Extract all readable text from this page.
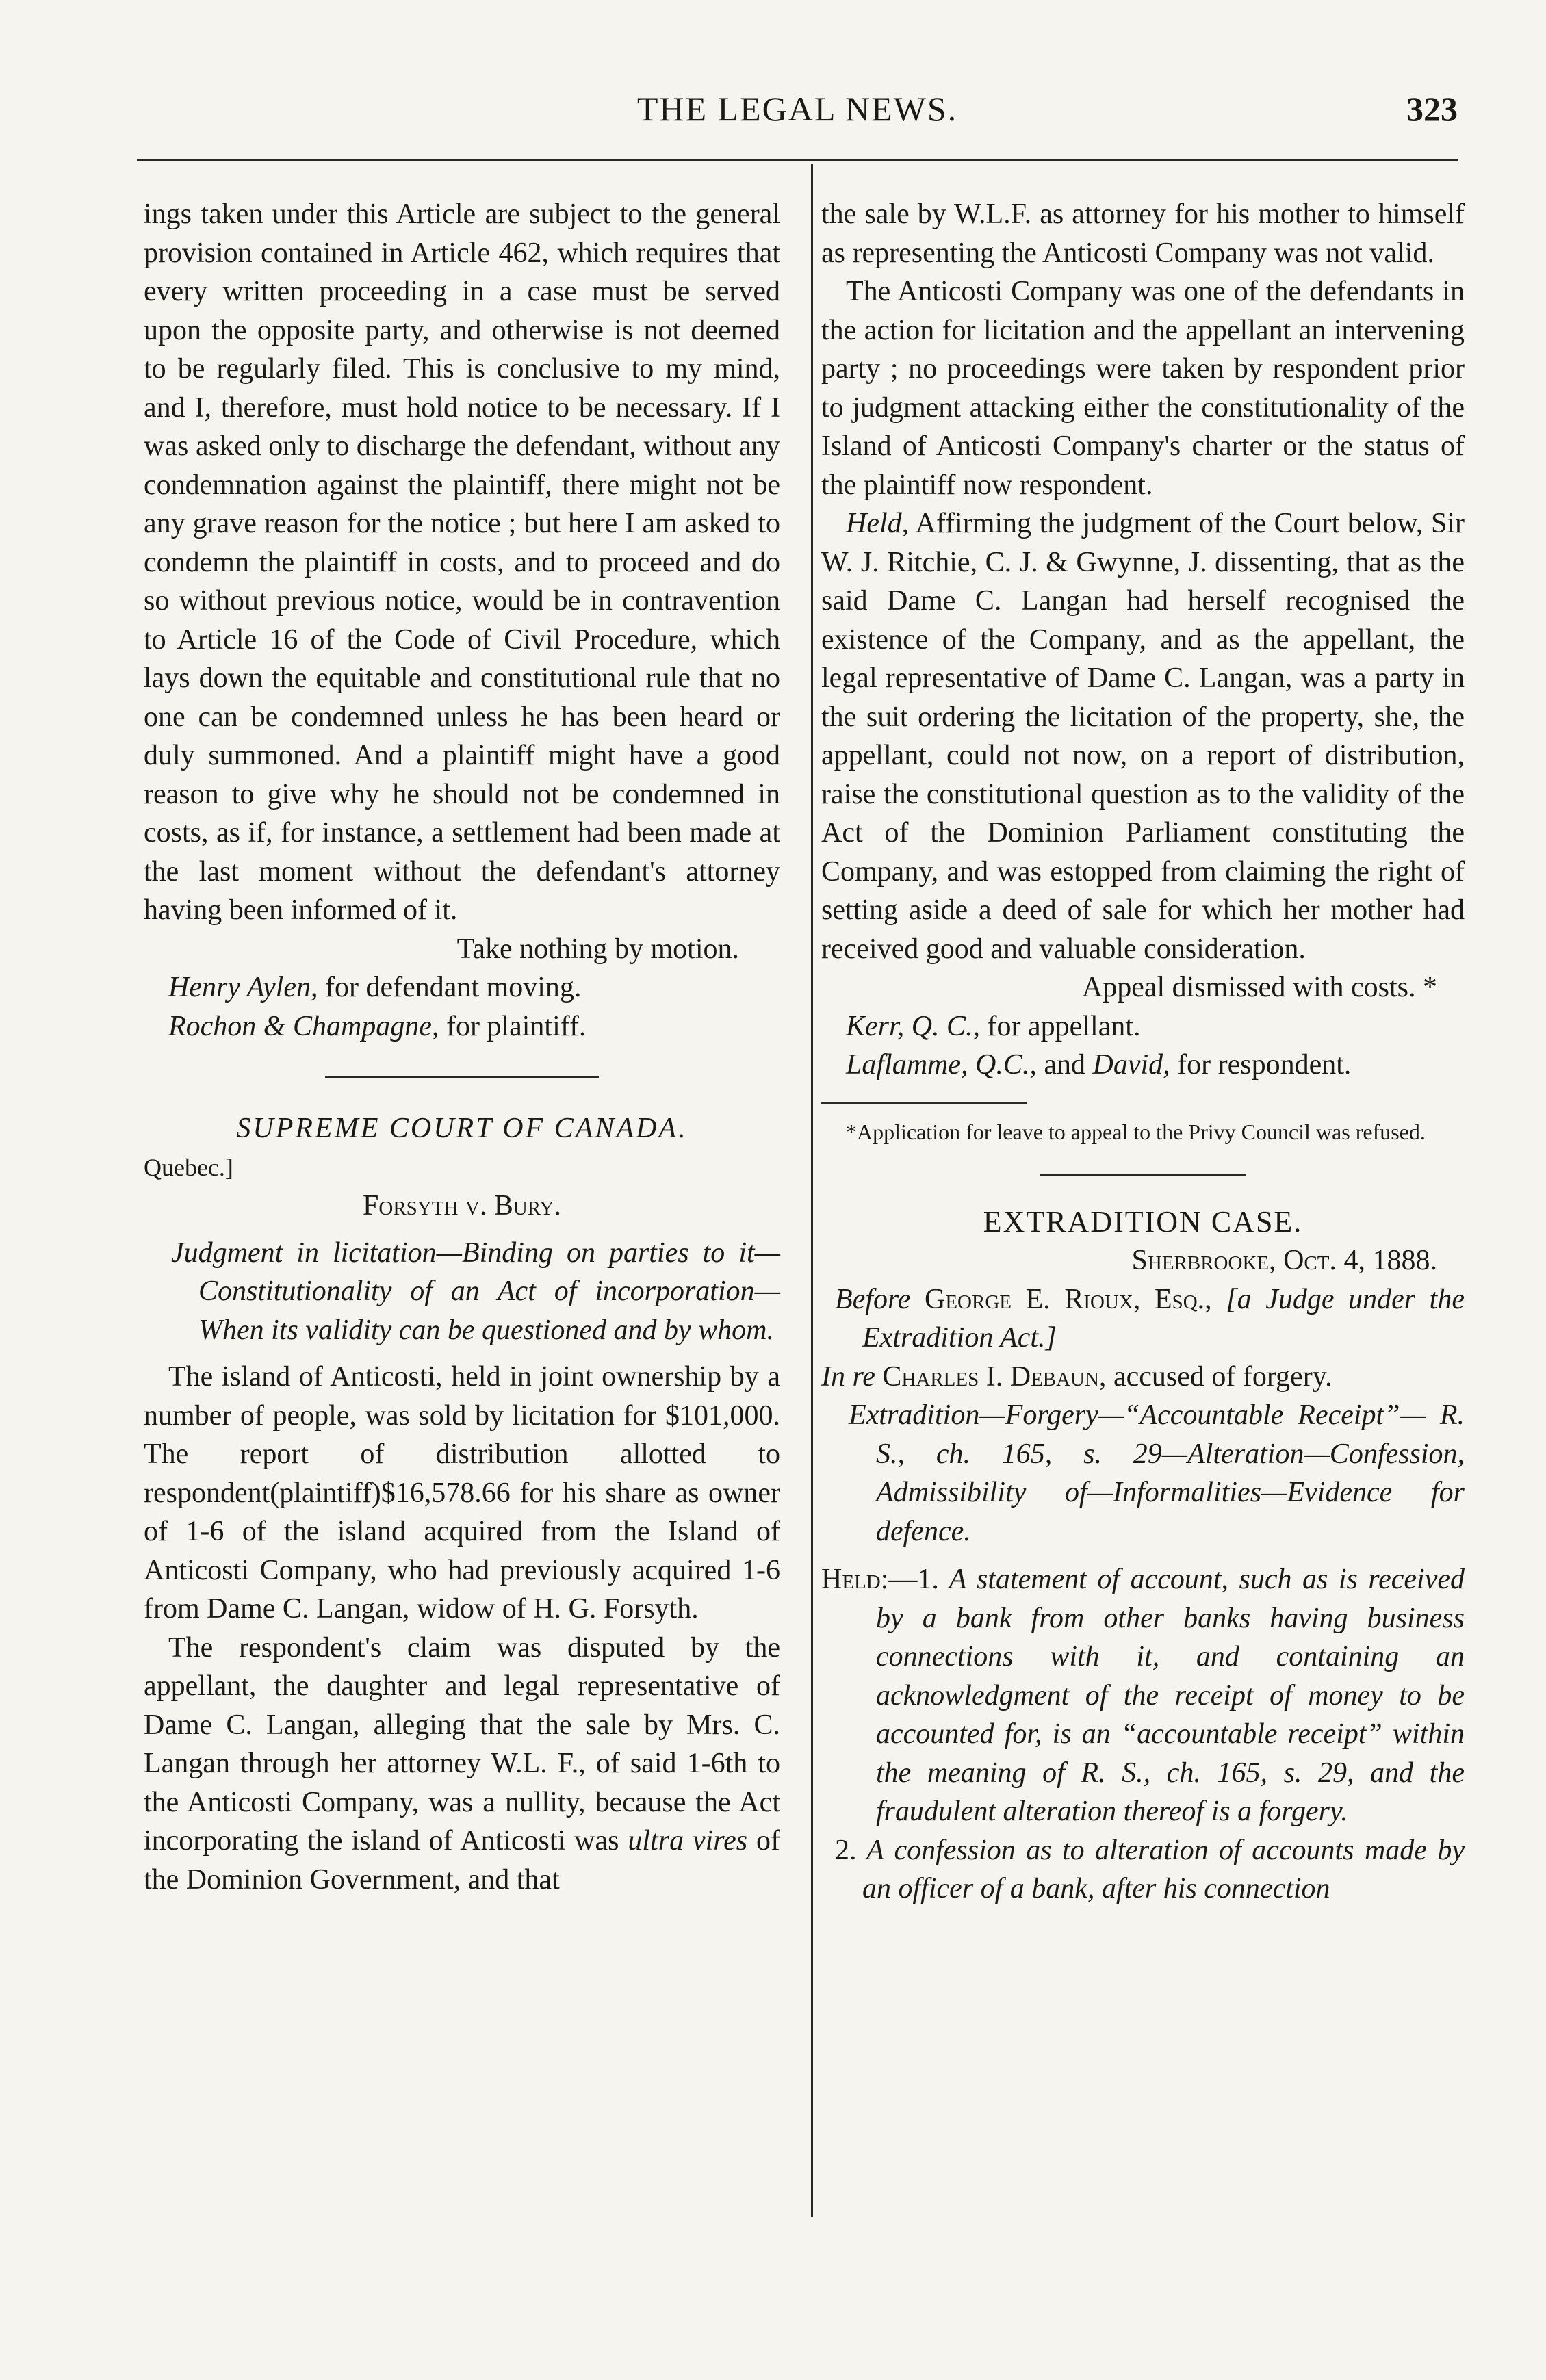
THE LEGAL NEWS.	323

ings taken under this Article are subject to the general provision contained in Article 462, which requires that every written proceeding in a case must be served upon the opposite party, and otherwise is not deemed to be regularly filed. This is conclusive to my mind, and I, therefore, must hold notice to be necessary. If I was asked only to discharge the defendant, without any condemnation against the plaintiff, there might not be any grave reason for the notice ; but here I am asked to condemn the plaintiff in costs, and to proceed and do so without previous notice, would be in contravention to Article 16 of the Code of Civil Procedure, which lays down the equitable and constitutional rule that no one can be condemned unless he has been heard or duly summoned. And a plaintiff might have a good reason to give why he should not be condemned in costs, as if, for instance, a settlement had been made at the last moment without the defendant's attorney having been informed of it.

Take nothing by motion.

Henry Aylen, for defendant moving.

Rochon & Champagne, for plaintiff.

SUPREME COURT OF CANADA.

Quebec.]

Forsyth v. Bury.

Judgment in licitation—Binding on parties to it—Constitutionality of an Act of incorporation— When its validity can be questioned and by whom.

The island of Anticosti, held in joint ownership by a number of people, was sold by licitation for $101,000. The report of distribution allotted to respondent(plaintiff)$16,578.66 for his share as owner of 1-6 of the island acquired from the Island of Anticosti Company, who had previously acquired 1-6 from Dame C. Langan, widow of H. G. Forsyth.

The respondent's claim was disputed by the appellant, the daughter and legal representative of Dame C. Langan, alleging that the sale by Mrs. C. Langan through her attorney W.L. F., of said 1-6th to the Anticosti Company, was a nullity, because the Act incorporating the island of Anticosti was ultra vires of the Dominion Government, and that

the sale by W.L.F. as attorney for his mother to himself as representing the Anticosti Company was not valid.

The Anticosti Company was one of the defendants in the action for licitation and the appellant an intervening party ; no proceedings were taken by respondent prior to judgment attacking either the constitutionality of the Island of Anticosti Company's charter or the status of the plaintiff now respondent.

Held, Affirming the judgment of the Court below, Sir W. J. Ritchie, C. J. & Gwynne, J. dissenting, that as the said Dame C. Langan had herself recognised the existence of the Company, and as the appellant, the legal representative of Dame C. Langan, was a party in the suit ordering the licitation of the property, she, the appellant, could not now, on a report of distribution, raise the constitutional question as to the validity of the Act of the Dominion Parliament constituting the Company, and was estopped from claiming the right of setting aside a deed of sale for which her mother had received good and valuable consideration.

Appeal dismissed with costs. *

Kerr, Q. C., for appellant.

Laflamme, Q.C., and David, for respondent.

*Application for leave to appeal to the Privy Council was refused.

EXTRADITION CASE.

Sherbrooke, Oct. 4, 1888.

Before George E. Rioux, Esq., [a Judge under the Extradition Act.]

In re Charles I. Debaun, accused of forgery.

Extradition—Forgery—“Accountable Receipt”— R. S., ch. 165, s. 29—Alteration—Confession, Admissibility of—Informalities—Evidence for defence.

Held:—1. A statement of account, such as is received by a bank from other banks having business connections with it, and containing an acknowledgment of the receipt of money to be accounted for, is an “accountable receipt” within the meaning of R. S., ch. 165, s. 29, and the fraudulent alteration thereof is a forgery.

2. A confession as to alteration of accounts made by an officer of a bank, after his connection
